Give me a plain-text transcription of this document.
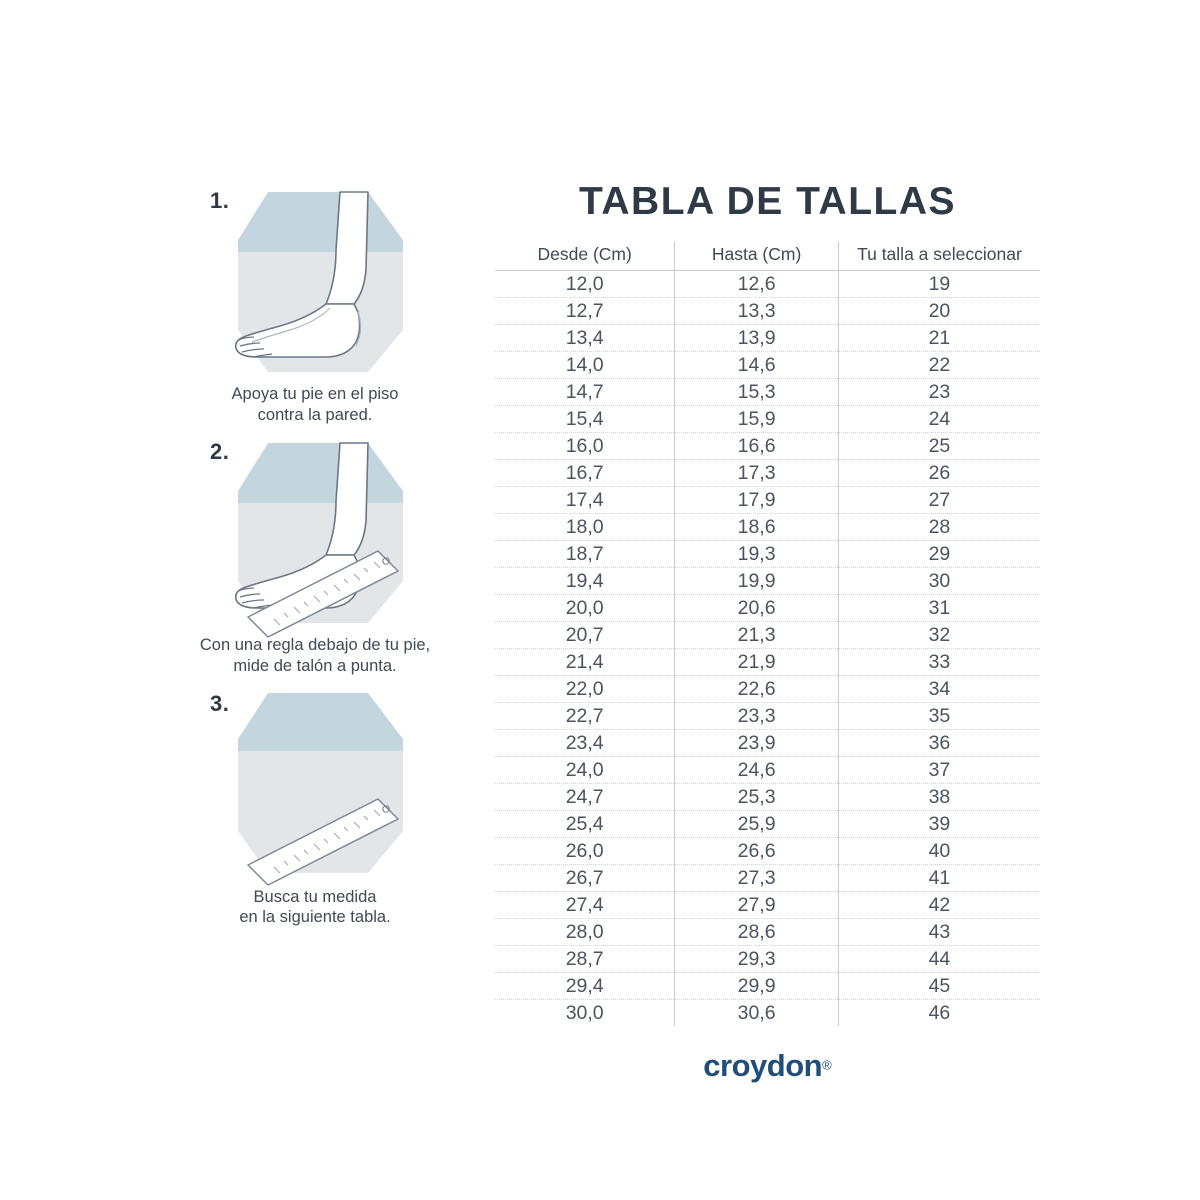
1.
Apoya tu pie en el piso
contra la pared.
2.
Con una regla debajo de tu pie,
mide de talón a punta.
3.
Busca tu medida
en la siguiente tabla.
TABLA DE TALLAS
Desde (Cm)	Hasta (Cm)	Tu talla a seleccionar
12,0	12,6	19
12,7	13,3	20
13,4	13,9	21
14,0	14,6	22
14,7	15,3	23
15,4	15,9	24
16,0	16,6	25
16,7	17,3	26
17,4	17,9	27
18,0	18,6	28
18,7	19,3	29
19,4	19,9	30
20,0	20,6	31
20,7	21,3	32
21,4	21,9	33
22,0	22,6	34
22,7	23,3	35
23,4	23,9	36
24,0	24,6	37
24,7	25,3	38
25,4	25,9	39
26,0	26,6	40
26,7	27,3	41
27,4	27,9	42
28,0	28,6	43
28,7	29,3	44
29,4	29,9	45
30,0	30,6	46
croydon®
